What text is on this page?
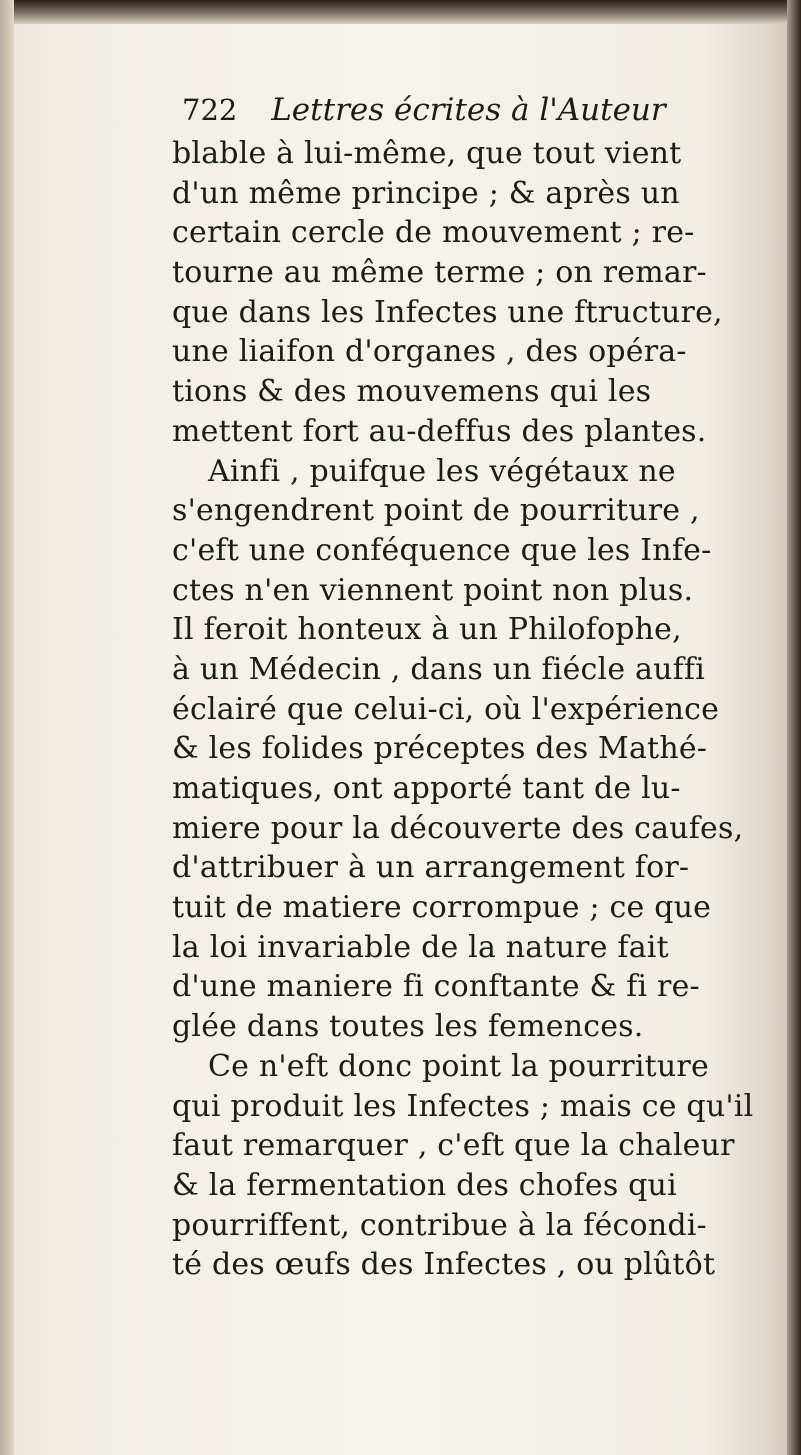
722 Lettres écrites à l'Auteur
blable à lui-même, que tout vient
d'un même principe ; & après un
certain cercle de mouvement ; re-
tourne au même terme ; on remar-
que dans les Infectes une ftructure,
une liaifon d'organes , des opéra-
tions & des mouvemens qui les
mettent fort au-deffus des plantes.
Ainfi , puifque les végétaux ne
s'engendrent point de pourriture ,
c'eft une conféquence que les Infe-
ctes n'en viennent point non plus.
Il feroit honteux à un Philofophe,
à un Médecin , dans un fiécle auffi
éclairé que celui-ci, où l'expérience
& les folides préceptes des Mathé-
matiques, ont apporté tant de lu-
miere pour la découverte des caufes,
d'attribuer à un arrangement for-
tuit de matiere corrompue ; ce que
la loi invariable de la nature fait
d'une maniere fi conftante & fi re-
glée dans toutes les femences.
Ce n'eft donc point la pourriture
qui produit les Infectes ; mais ce qu'il
faut remarquer , c'eft que la chaleur
& la fermentation des chofes qui
pourriffent, contribue à la fécondi-
té des œufs des Infectes , ou plûtôt
